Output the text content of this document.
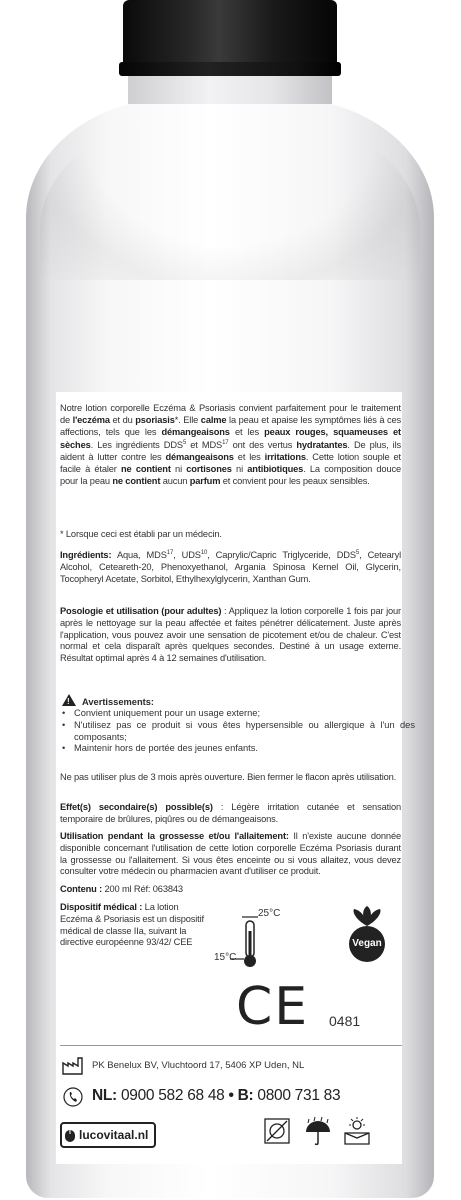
Notre lotion corporelle Eczéma & Psoriasis convient parfaitement pour le traitement de l'eczéma et du psoriasis*. Elle calme la peau et apaise les symptômes liés à ces affections, tels que les démangeaisons et les peaux rouges, squameuses et sèches. Les ingrédients DDS$^5$ et MDS$^{17}$ ont des vertus hydratantes. De plus, ils aident à lutter contre les démangeaisons et les irritations. Cette lotion souple et facile à étaler ne contient ni cortisones ni antibiotiques. La composition douce pour la peau ne contient aucun parfum et convient pour les peaux sensibles.
* Lorsque ceci est établi par un médecin.
Ingrédients: Aqua, MDS$^{17}$, UDS$^{10}$, Caprylic/Capric Triglyceride, DDS$^5$, Cetearyl Alcohol, Ceteareth-20, Phenoxyethanol, Argania Spinosa Kernel Oil, Glycerin, Tocopheryl Acetate, Sorbitol, Ethylhexylglycerin, Xanthan Gum.
Posologie et utilisation (pour adultes) : Appliquez la lotion corporelle 1 fois par jour après le nettoyage sur la peau affectée et faites pénétrer délicatement. Juste après l'application, vous pouvez avoir une sensation de picotement et/ou de chaleur. C'est normal et cela disparaît après quelques secondes. Destiné à un usage externe. Résultat optimal après 4 à 12 semaines d'utilisation.
!Avertissements:
• Convient uniquement pour un usage externe;
• N'utilisez pas ce produit si vous êtes hypersensible ou allergique à l'un des composants;
• Maintenir hors de portée des jeunes enfants.
Ne pas utiliser plus de 3 mois après ouverture. Bien fermer le flacon après utilisation.
Effet(s) secondaire(s) possible(s) : Légère irritation cutanée et sensation temporaire de brûlures, piqûres ou de démangeaisons.
Utilisation pendant la grossesse et/ou l'allaitement: Il n'existe aucune donnée disponible concernant l'utilisation de cette lotion corporelle Eczéma Psoriasis durant la grossesse ou l'allaitement. Si vous êtes enceinte ou si vous allaitez, vous devez consulter votre médecin ou pharmacien avant d'utiliser ce produit.
Contenu : 200 ml Réf: 063843
Dispositif médical : La lotion Eczéma & Psoriasis est un dispositif médical de classe IIa, suivant la directive européenne 93/42/ CEE
25°C
15°C
Vegan
CE	0481
PK Benelux BV, Vluchtoord 17, 5406 XP Uden, NL
NL: 0900 582 68 48 • B: 0800 731 83
lucovitaal.nl
